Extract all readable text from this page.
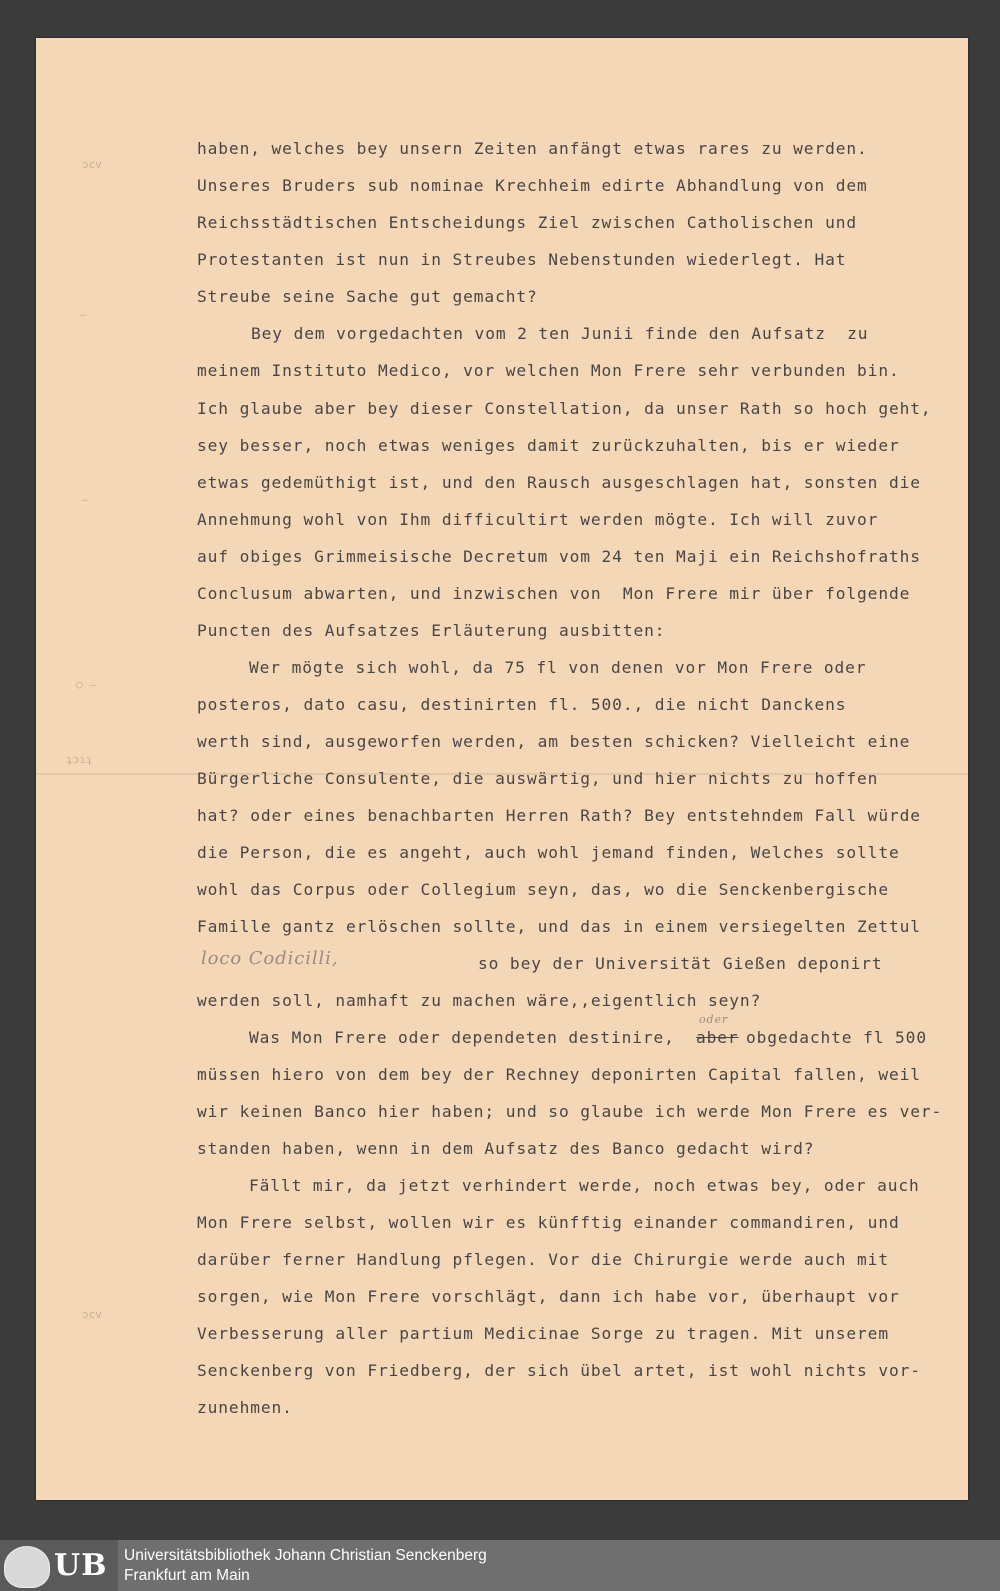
haben, welches bey unsern Zeiten anfängt etwas rares zu werden.
Unseres Bruders sub nominae Krechheim edirte Abhandlung von dem
Reichsstädtischen Entscheidungs Ziel zwischen Catholischen und
Protestanten ist nun in Streubes Nebenstunden wiederlegt. Hat
Streube seine Sache gut gemacht?
Bey dem vorgedachten vom 2 ten Junii finde den Aufsatz  zu
meinem Instituto Medico, vor welchen Mon Frere sehr verbunden bin.
Ich glaube aber bey dieser Constellation, da unser Rath so hoch geht,
sey besser, noch etwas weniges damit zurückzuhalten, bis er wieder
etwas gedemüthigt ist, und den Rausch ausgeschlagen hat, sonsten die
Annehmung wohl von Ihm difficultirt werden mögte. Ich will zuvor
auf obiges Grimmeisische Decretum vom 24 ten Maji ein Reichshofraths
Conclusum abwarten, und inzwischen von  Mon Frere mir über folgende
Puncten des Aufsatzes Erläuterung ausbitten:
Wer mögte sich wohl, da 75 fl von denen vor Mon Frere oder
posteros, dato casu, destinirten fl. 500., die nicht Danckens
werth sind, ausgeworfen werden, am besten schicken? Vielleicht eine
Bürgerliche Consulente, die auswärtig, und hier nichts zu hoffen
hat? oder eines benachbarten Herren Rath? Bey entstehndem Fall würde
die Person, die es angeht, auch wohl jemand finden, Welches sollte
wohl das Corpus oder Collegium seyn, das, wo die Senckenbergische
Famille gantz erlöschen sollte, und das in einem versiegelten Zettul
loco Codicilli,	so bey der Universität Gießen deponirt
werden soll, namhaft zu machen wäre,,eigentlich seyn?
Was Mon Frere oder dependeten destinire,
oder
aber obgedachte fl 500
müssen hiero von dem bey der Rechney deponirten Capital fallen, weil
wir keinen Banco hier haben; und so glaube ich werde Mon Frere es ver-
standen haben, wenn in dem Aufsatz des Banco gedacht wird?
Fällt mir, da jetzt verhindert werde, noch etwas bey, oder auch
Mon Frere selbst, wollen wir es künfftig einander commandiren, und
darüber ferner Handlung pflegen. Vor die Chirurgie werde auch mit
sorgen, wie Mon Frere vorschlägt, dann ich habe vor, überhaupt vor
Verbesserung aller partium Medicinae Sorge zu tragen. Mit unserem
Senckenberg von Friedberg, der sich übel artet, ist wohl nichts vor-
zunehmen.
ɔcv
–
–
○ –
ʇɔıʇ
ɔcv
UB Universitätsbibliothek Johann Christian Senckenberg
Frankfurt am Main
